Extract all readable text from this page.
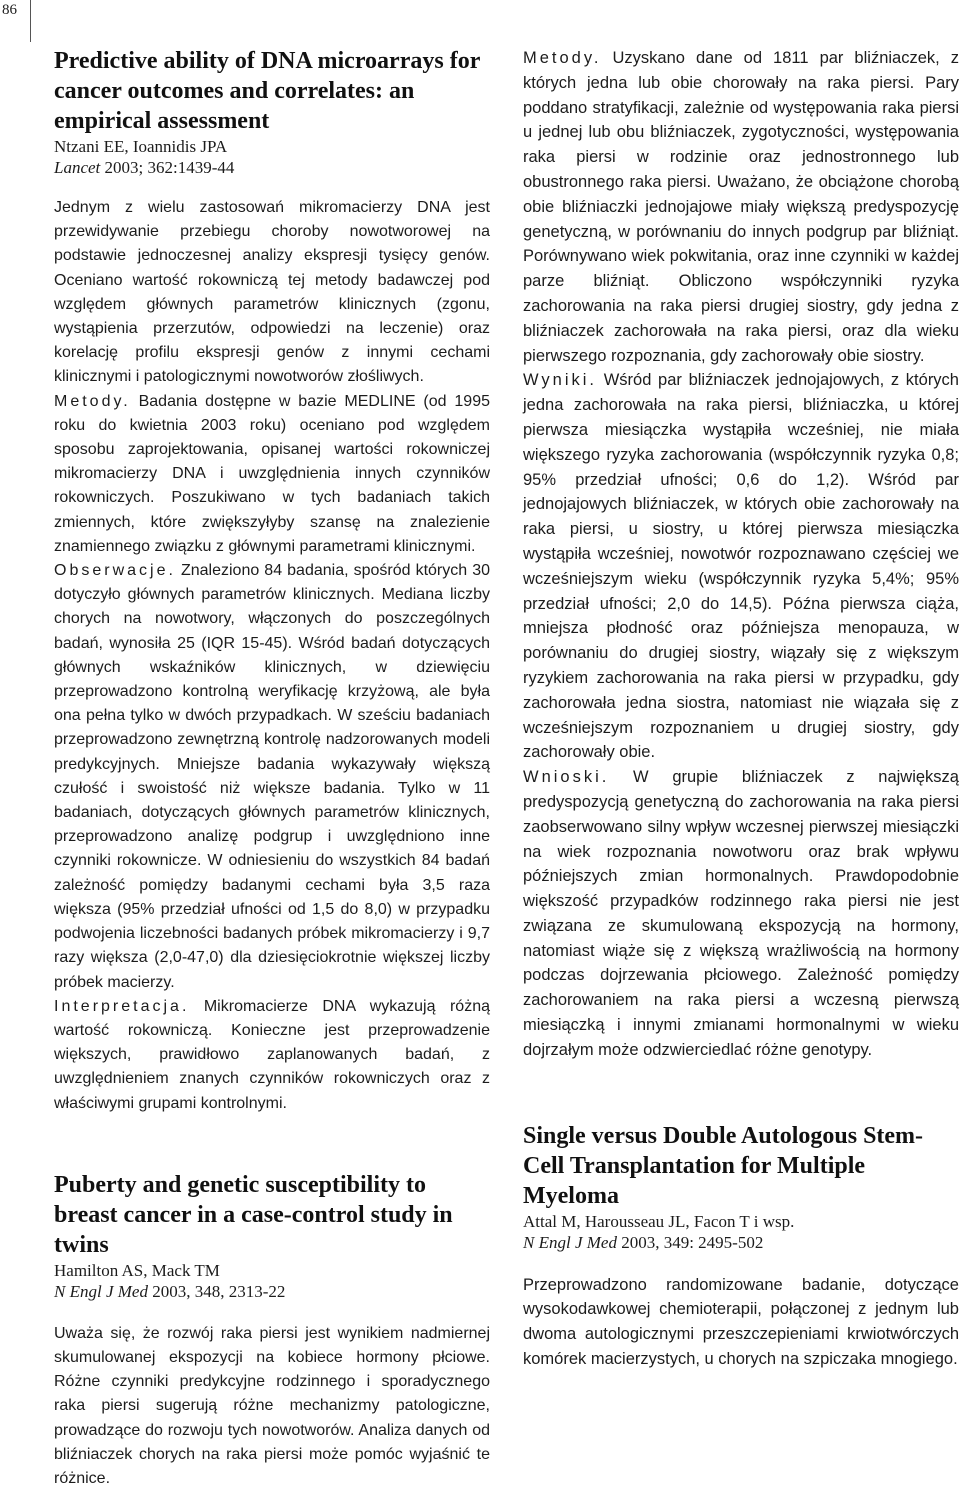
86
Predictive ability of DNA microarrays for cancer outcomes and correlates: an empirical assessment

Ntzani EE, Ioannidis JPA

Lancet 2003; 362:1439-44

Jednym z wielu zastosowań mikromacierzy DNA jest przewidywanie przebiegu choroby nowotworowej na podstawie jednoczesnej analizy ekspresji tysięcy genów. Oceniano wartość rokowniczą tej metody badawczej pod względem głównych parametrów klinicznych (zgonu, wystąpienia przerzutów, odpowiedzi na leczenie) oraz korelację profilu ekspresji genów z innymi cechami klinicznymi i patologicznymi nowotworów złośliwych.

Metody. Badania dostępne w bazie MEDLINE (od 1995 roku do kwietnia 2003 roku) oceniano pod względem sposobu zaprojektowania, opisanej wartości rokowniczej mikromacierzy DNA i uwzględnienia innych czynników rokowniczych. Poszukiwano w tych badaniach takich zmiennych, które zwiększyłyby szansę na znalezienie znamiennego związku z głównymi parametrami klinicznymi.

Obserwacje. Znaleziono 84 badania, spośród których 30 dotyczyło głównych parametrów klinicznych. Mediana liczby chorych na nowotwory, włączonych do poszczególnych badań, wynosiła 25 (IQR 15-45). Wśród badań dotyczących głównych wskaźników klinicznych, w dziewięciu przeprowadzono kontrolną weryfikację krzyżową, ale była ona pełna tylko w dwóch przypadkach. W sześciu badaniach przeprowadzono zewnętrzną kontrolę nadzorowanych modeli predykcyjnych. Mniejsze badania wykazywały większą czułość i swoistość niż większe badania. Tylko w 11 badaniach, dotyczących głównych parametrów klinicznych, przeprowadzono analizę podgrup i uwzględniono inne czynniki rokownicze. W odniesieniu do wszystkich 84 badań zależność pomiędzy badanymi cechami była 3,5 raza większa (95% przedział ufności od 1,5 do 8,0) w przypadku podwojenia liczebności badanych próbek mikromacierzy i 9,7 razy większa (2,0-47,0) dla dziesięciokrotnie większej liczby próbek macierzy.

Interpretacja. Mikromacierze DNA wykazują różną wartość rokowniczą. Konieczne jest przeprowadzenie większych, prawidłowo zaplanowanych badań, z uwzględnieniem znanych czynników rokowniczych oraz z właściwymi grupami kontrolnymi.

Puberty and genetic susceptibility to breast cancer in a case-control study in twins

Hamilton AS, Mack TM

N Engl J Med 2003, 348, 2313-22

Uważa się, że rozwój raka piersi jest wynikiem nadmiernej skumulowanej ekspozycji na kobiece hormony płciowe. Różne czynniki predykcyjne rodzinnego i sporadycznego raka piersi sugerują różne mechanizmy patologiczne, prowadzące do rozwoju tych nowotworów. Analiza danych od bliźniaczek chorych na raka piersi może pomóc wyjaśnić te różnice.

Metody. Uzyskano dane od 1811 par bliźniaczek, z których jedna lub obie chorowały na raka piersi. Pary poddano stratyfikacji, zależnie od występowania raka piersi u jednej lub obu bliźniaczek, zygotyczności, występowania raka piersi w rodzinie oraz jednostronnego lub obustronnego raka piersi. Uważano, że obciążone chorobą obie bliźniaczki jednojajowe miały większą predyspozycję genetyczną, w porównaniu do innych podgrup par bliźniąt. Porównywano wiek pokwitania, oraz inne czynniki w każdej parze bliźniąt. Obliczono współczynniki ryzyka zachorowania na raka piersi drugiej siostry, gdy jedna z bliźniaczek zachorowała na raka piersi, oraz dla wieku pierwszego rozpoznania, gdy zachorowały obie siostry.

Wyniki. Wśród par bliźniaczek jednojajowych, z których jedna zachorowała na raka piersi, bliźniaczka, u której pierwsza miesiączka wystąpiła wcześniej, nie miała większego ryzyka zachorowania (współczynnik ryzyka 0,8; 95% przedział ufności; 0,6 do 1,2). Wśród par jednojajowych bliźniaczek, w których obie zachorowały na raka piersi, u siostry, u której pierwsza miesiączka wystąpiła wcześniej, nowotwór rozpoznawano częściej we wcześniejszym wieku (współczynnik ryzyka 5,4%; 95% przedział ufności; 2,0 do 14,5). Późna pierwsza ciąża, mniejsza płodność oraz późniejsza menopauza, w porównaniu do drugiej siostry, wiązały się z większym ryzykiem zachorowania na raka piersi w przypadku, gdy zachorowała jedna siostra, natomiast nie wiązała się z wcześniejszym rozpoznaniem u drugiej siostry, gdy zachorowały obie.

Wnioski. W grupie bliźniaczek z największą predyspozycją genetyczną do zachorowania na raka piersi zaobserwowano silny wpływ wczesnej pierwszej miesiączki na wiek rozpoznania nowotworu oraz brak wpływu późniejszych zmian hormonalnych. Prawdopodobnie większość przypadków rodzinnego raka piersi nie jest związana ze skumulowaną ekspozycją na hormony, natomiast wiąże się z większą wrażliwością na hormony podczas dojrzewania płciowego. Zależność pomiędzy zachorowaniem na raka piersi a wczesną pierwszą miesiączką i innymi zmianami hormonalnymi w wieku dojrzałym może odzwierciedlać różne genotypy.

Single versus Double Autologous Stem-Cell Transplantation for Multiple Myeloma

Attal M, Harousseau JL, Facon T i wsp.

N Engl J Med 2003, 349: 2495-502

Przeprowadzono randomizowane badanie, dotyczące wysokodawkowej chemioterapii, połączonej z jednym lub dwoma autologicznymi przeszczepieniami krwiotwórczych komórek macierzystych, u chorych na szpiczaka mnogiego.
